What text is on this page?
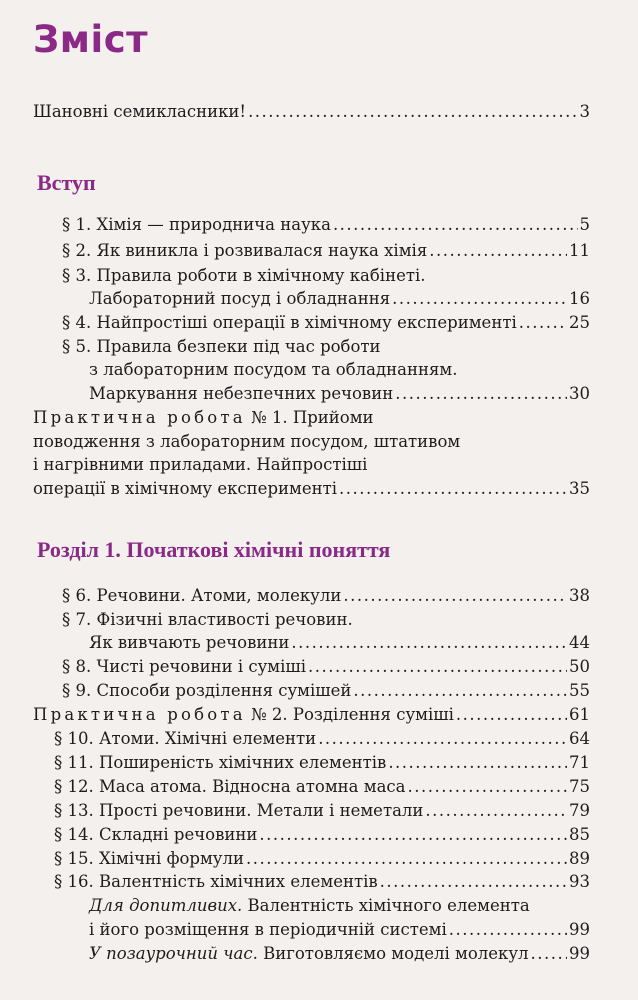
Зміст
Шановні семикласники! .....	3
Вступ
§ 1. Хімія — природнича наука .....	5
§ 2. Як виникла і розвивалася наука хімія .....	11
§ 3. Правила роботи в хімічному кабінеті.
Лабораторний посуд і обладнання .....	16
§ 4. Найпростіші операції в хімічному експерименті .....	25
§ 5. Правила безпеки під час роботи
з лабораторним посудом та обладнанням.
Маркування небезпечних речовин .....	30
Практична робота № 1. Прийоми
поводження з лабораторним посудом, штативом
і нагрівними приладами. Найпростіші
операції в хімічному експерименті .....	35
Розділ 1. Початкові хімічні поняття
§ 6. Речовини. Атоми, молекули .....	38
§ 7. Фізичні властивості речовин.
Як вивчають речовини .....	44
§ 8. Чисті речовини і суміші .....	50
§ 9. Способи розділення сумішей .....	55
Практична робота № 2. Розділення суміші .....	61
§ 10. Атоми. Хімічні елементи .....	64
§ 11. Поширеність хімічних елементів .....	71
§ 12. Маса атома. Відносна атомна маса .....	75
§ 13. Прості речовини. Метали і неметали .....	79
§ 14. Складні речовини .....	85
§ 15. Хімічні формули .....	89
§ 16. Валентність хімічних елементів .....	93
Для допитливих. Валентність хімічного елемента
і його розміщення в періодичній системі .....	99
У позаурочний час. Виготовляємо моделі молекул ..... 99
